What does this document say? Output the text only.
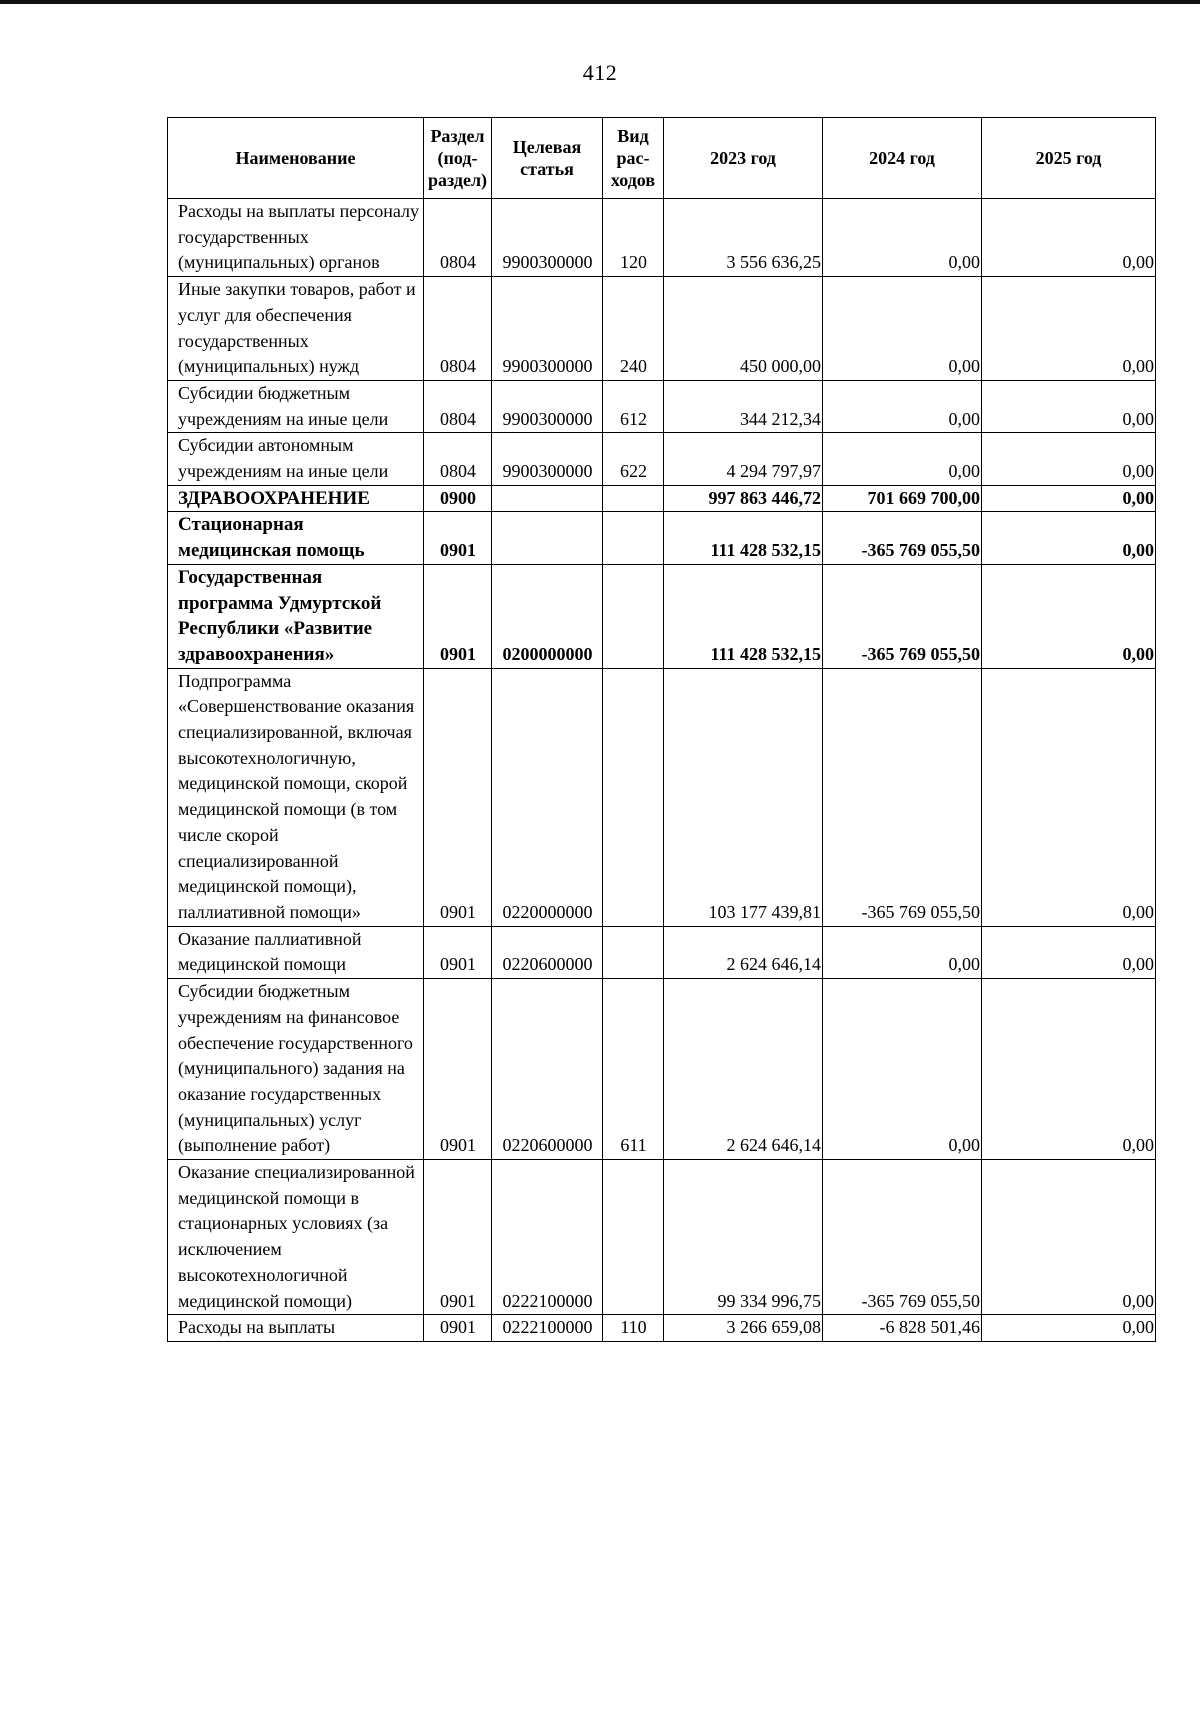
412
Наименование	Раздел (под- раздел)	Целевая статья	Вид рас- ходов	2023 год	2024 год	2025 год
Расходы на выплаты персоналу государственных (муниципальных) органов	0804	9900300000	120	3 556 636,25	0,00	0,00
Иные закупки товаров, работ и услуг для обеспечения государственных (муниципальных) нужд	0804	9900300000	240	450 000,00	0,00	0,00
Субсидии бюджетным учреждениям на иные цели	0804	9900300000	612	344 212,34	0,00	0,00
Субсидии автономным учреждениям на иные цели	0804	9900300000	622	4 294 797,97	0,00	0,00
ЗДРАВООХРАНЕНИЕ	0900			997 863 446,72	701 669 700,00	0,00
Стационарная медицинская помощь	0901			111 428 532,15	-365 769 055,50	0,00
Государственная программа Удмуртской Республики «Развитие здравоохранения»	0901	0200000000		111 428 532,15	-365 769 055,50	0,00
Подпрограмма «Совершенствование оказания специализированной, включая высокотехнологичную, медицинской помощи, скорой медицинской помощи (в том числе скорой специализированной медицинской помощи), паллиативной помощи»	0901	0220000000		103 177 439,81	-365 769 055,50	0,00
Оказание паллиативной медицинской помощи	0901	0220600000		2 624 646,14	0,00	0,00
Субсидии бюджетным учреждениям на финансовое обеспечение государственного (муниципального) задания на оказание государственных (муниципальных) услуг (выполнение работ)	0901	0220600000	611	2 624 646,14	0,00	0,00
Оказание специализированной медицинской помощи в стационарных условиях (за исключением высокотехнологичной медицинской помощи)	0901	0222100000		99 334 996,75	-365 769 055,50	0,00
Расходы на выплаты	0901	0222100000	110	3 266 659,08	-6 828 501,46	0,00
